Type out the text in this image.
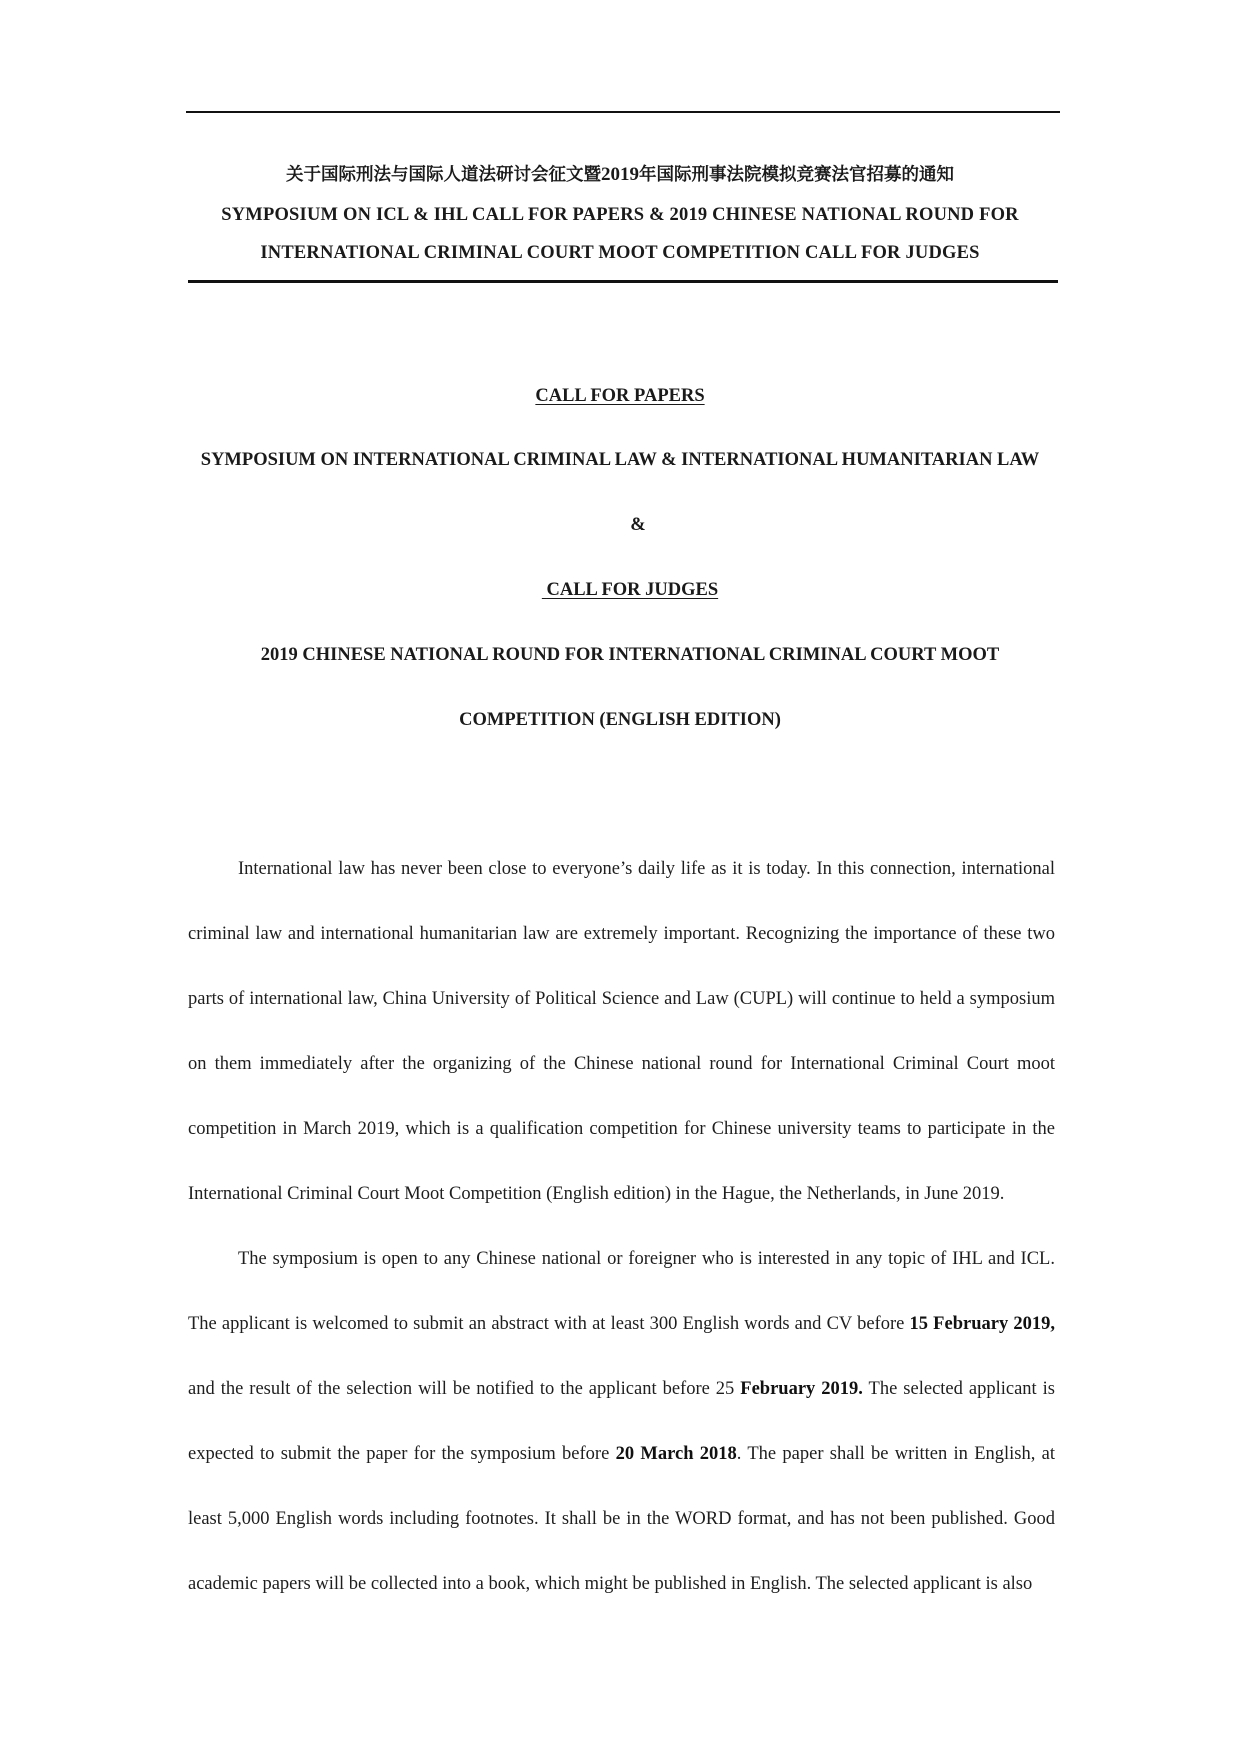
关于国际刑法与国际人道法研讨会征文暨2019年国际刑事法院模拟竞赛法官招募的通知
SYMPOSIUM ON ICL & IHL CALL FOR PAPERS & 2019 CHINESE NATIONAL ROUND FOR
INTERNATIONAL CRIMINAL COURT MOOT COMPETITION CALL FOR JUDGES
CALL FOR PAPERS
SYMPOSIUM ON INTERNATIONAL CRIMINAL LAW & INTERNATIONAL HUMANITARIAN LAW
&
CALL FOR JUDGES
2019 CHINESE NATIONAL ROUND FOR INTERNATIONAL CRIMINAL COURT MOOT
COMPETITION (ENGLISH EDITION)

International law has never been close to everyone’s daily life as it is today. In this connection, international criminal law and international humanitarian law are extremely important. Recognizing the importance of these two parts of international law, China University of Political Science and Law (CUPL) will continue to held a symposium on them immediately after the organizing of the Chinese national round for International Criminal Court moot competition in March 2019, which is a qualification competition for Chinese university teams to participate in the International Criminal Court Moot Competition (English edition) in the Hague, the Netherlands, in June 2019.

The symposium is open to any Chinese national or foreigner who is interested in any topic of IHL and ICL. The applicant is welcomed to submit an abstract with at least 300 English words and CV before 15 February 2019, and the result of the selection will be notified to the applicant before 25 February 2019. The selected applicant is expected to submit the paper for the symposium before 20 March 2018. The paper shall be written in English, at least 5,000 English words including footnotes. It shall be in the WORD format, and has not been published. Good academic papers will be collected into a book, which might be published in English. The selected applicant is also
